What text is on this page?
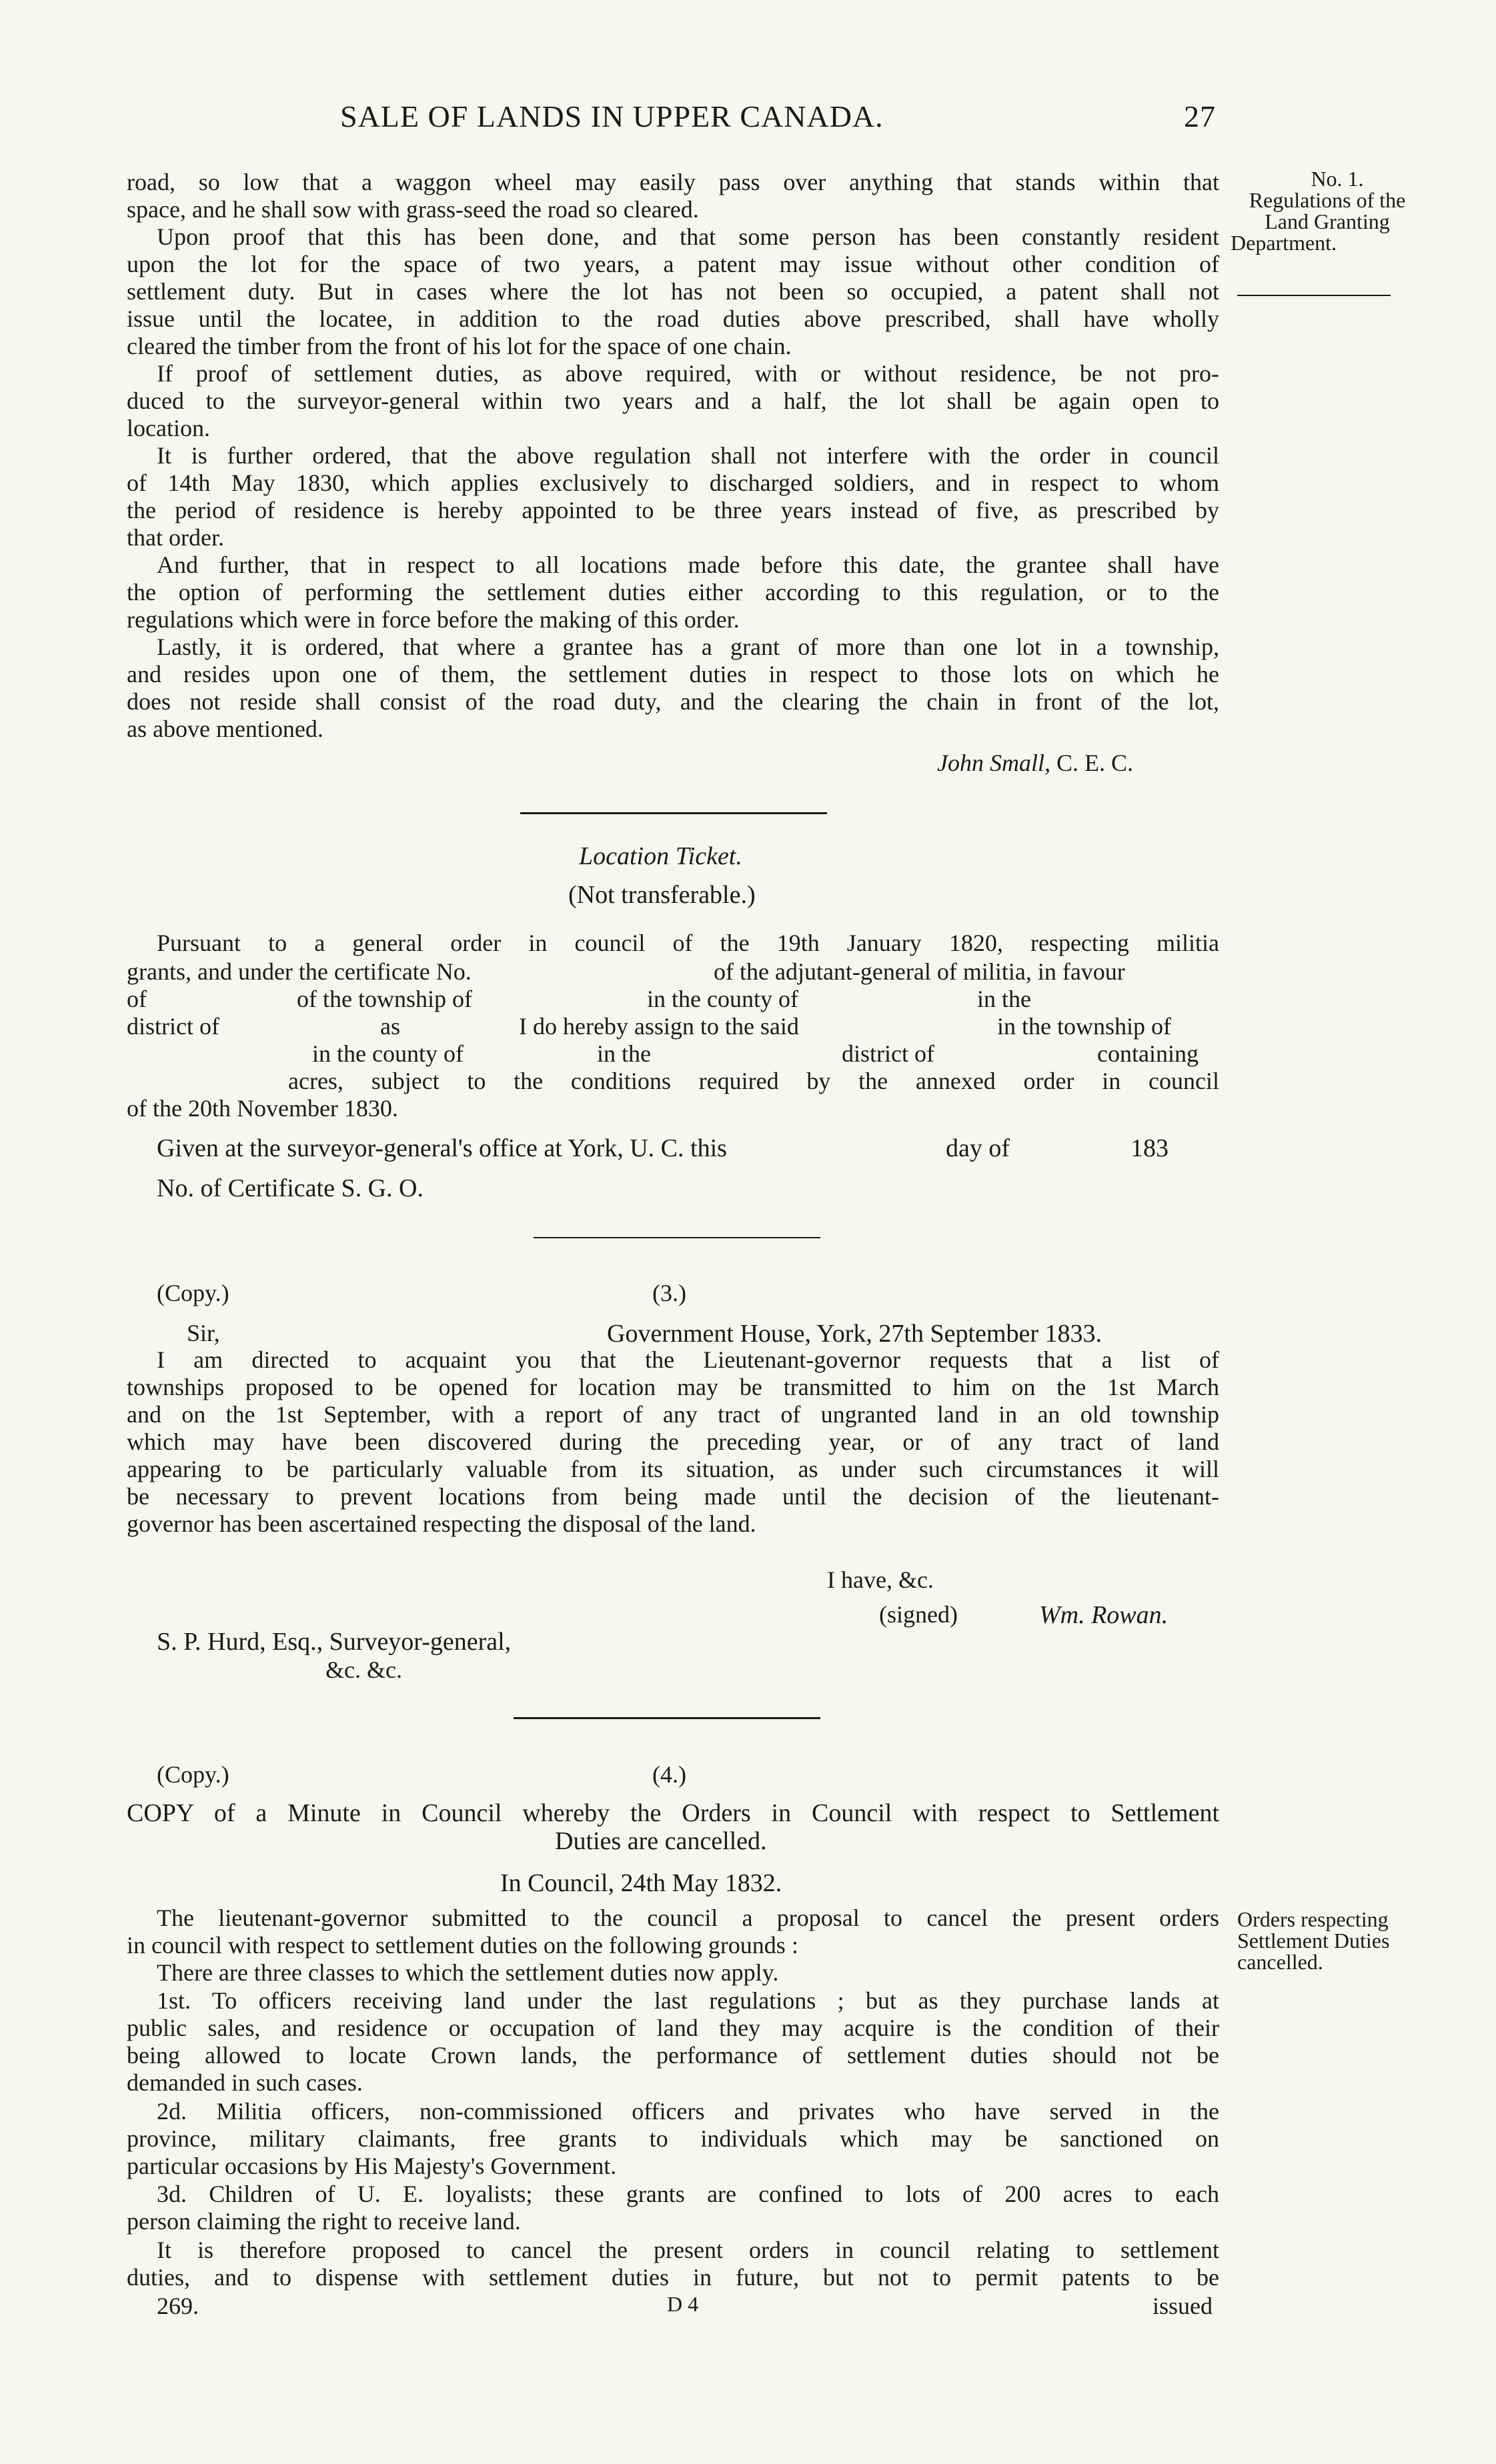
SALE OF LANDS IN UPPER CANADA.	27
No. 1.
Regulations of the
Land Granting
Department.
road, so low that a waggon wheel may easily pass over anything that stands within that
space, and he shall sow with grass-seed the road so cleared.
Upon proof that this has been done, and that some person has been constantly resident
upon the lot for the space of two years, a patent may issue without other condition of
settlement duty. But in cases where the lot has not been so occupied, a patent shall not
issue until the locatee, in addition to the road duties above prescribed, shall have wholly
cleared the timber from the front of his lot for the space of one chain.
If proof of settlement duties, as above required, with or without residence, be not pro-
duced to the surveyor-general within two years and a half, the lot shall be again open to
location.
It is further ordered, that the above regulation shall not interfere with the order in council
of 14th May 1830, which applies exclusively to discharged soldiers, and in respect to whom
the period of residence is hereby appointed to be three years instead of five, as prescribed by
that order.
And further, that in respect to all locations made before this date, the grantee shall have
the option of performing the settlement duties either according to this regulation, or to the
regulations which were in force before the making of this order.
Lastly, it is ordered, that where a grantee has a grant of more than one lot in a township,
and resides upon one of them, the settlement duties in respect to those lots on which he
does not reside shall consist of the road duty, and the clearing the chain in front of the lot,
as above mentioned.
John Small, C. E. C.
Location Ticket.
(Not transferable.)
Pursuant to a general order in council of the 19th January 1820, respecting militia
grants, and under the certificate No.	of the adjutant-general of militia, in favour
of	of the township of	in the county of	in the
district of	as	I do hereby assign to the said	in the township of
in the county of	in the	district of	containing
acres, subject to the conditions required by the annexed order in council
of the 20th November 1830.
Given at the surveyor-general's office at York, U. C. this	day of	183
No. of Certificate S. G. O.
(Copy.)	(3.)
Sir,	Government House, York, 27th September 1833.
I am directed to acquaint you that the Lieutenant-governor requests that a list of
townships proposed to be opened for location may be transmitted to him on the 1st March
and on the 1st September, with a report of any tract of ungranted land in an old township
which may have been discovered during the preceding year, or of any tract of land
appearing to be particularly valuable from its situation, as under such circumstances it will
be necessary to prevent locations from being made until the decision of the lieutenant-
governor has been ascertained respecting the disposal of the land.
I have, &c.
(signed)	Wm. Rowan.
S. P. Hurd, Esq., Surveyor-general,
&c. &c.
(Copy.)	(4.)
COPY of a Minute in Council whereby the Orders in Council with respect to Settlement
Duties are cancelled.
In Council, 24th May 1832.
Orders respecting
Settlement Duties
cancelled.
The lieutenant-governor submitted to the council a proposal to cancel the present orders
in council with respect to settlement duties on the following grounds :
There are three classes to which the settlement duties now apply.
1st. To officers receiving land under the last regulations ; but as they purchase lands at
public sales, and residence or occupation of land they may acquire is the condition of their
being allowed to locate Crown lands, the performance of settlement duties should not be
demanded in such cases.
2d. Militia officers, non-commissioned officers and privates who have served in the
province, military claimants, free grants to individuals which may be sanctioned on
particular occasions by His Majesty's Government.
3d. Children of U. E. loyalists; these grants are confined to lots of 200 acres to each
person claiming the right to receive land.
It is therefore proposed to cancel the present orders in council relating to settlement
duties, and to dispense with settlement duties in future, but not to permit patents to be
269.	D 4	issued
